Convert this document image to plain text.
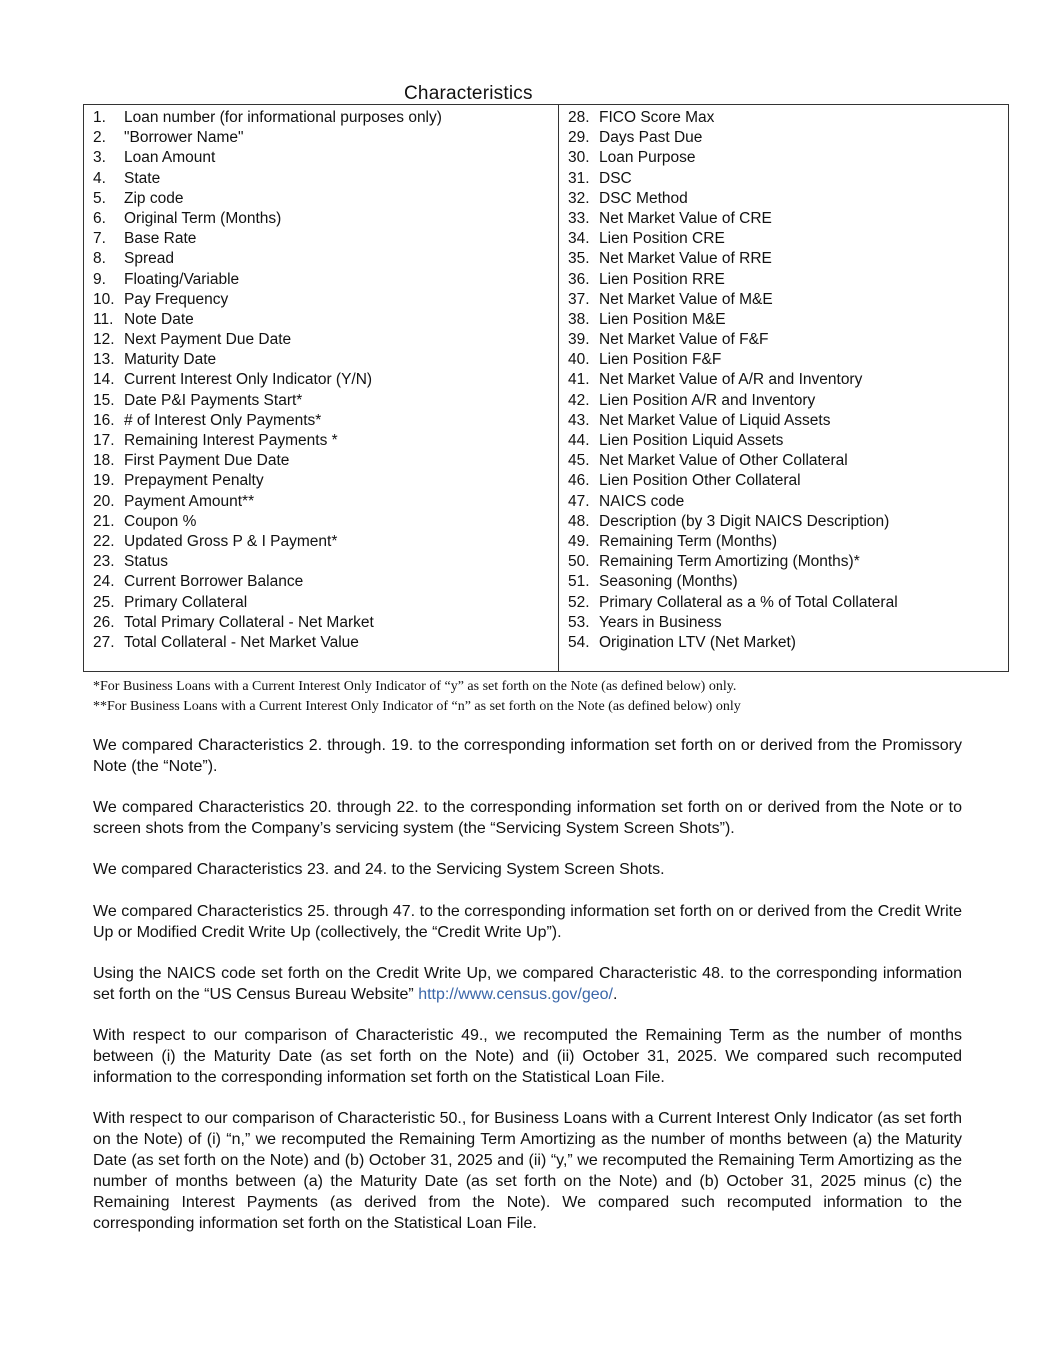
Characteristics
1. Loan number (for informational purposes only)
2. "Borrower Name"
3. Loan Amount
4. State
5. Zip code
6. Original Term (Months)
7. Base Rate
8. Spread
9. Floating/Variable
10. Pay Frequency
11. Note Date
12. Next Payment Due Date
13. Maturity Date
14. Current Interest Only Indicator (Y/N)
15. Date P&I Payments Start*
16. # of Interest Only Payments*
17. Remaining Interest Payments *
18. First Payment Due Date
19. Prepayment Penalty
20. Payment Amount**
21. Coupon %
22. Updated Gross P & I Payment*
23. Status
24. Current Borrower Balance
25. Primary Collateral
26. Total Primary Collateral - Net Market
27. Total Collateral - Net Market Value
28. FICO Score Max
29. Days Past Due
30. Loan Purpose
31. DSC
32. DSC Method
33. Net Market Value of CRE
34. Lien Position CRE
35. Net Market Value of RRE
36. Lien Position RRE
37. Net Market Value of M&E
38. Lien Position M&E
39. Net Market Value of F&F
40. Lien Position F&F
41. Net Market Value of A/R and Inventory
42. Lien Position A/R and Inventory
43. Net Market Value of Liquid Assets
44. Lien Position Liquid Assets
45. Net Market Value of Other Collateral
46. Lien Position Other Collateral
47. NAICS code
48. Description (by 3 Digit NAICS Description)
49. Remaining Term (Months)
50. Remaining Term Amortizing (Months)*
51. Seasoning (Months)
52. Primary Collateral as a % of Total Collateral
53. Years in Business
54. Origination LTV (Net Market)
*For Business Loans with a Current Interest Only Indicator of “y” as set forth on the Note (as defined below) only.
**For Business Loans with a Current Interest Only Indicator of “n” as set forth on the Note (as defined below) only

We compared Characteristics 2. through. 19. to the corresponding information set forth on or derived from the Promissory Note (the “Note”).

We compared Characteristics 20. through 22. to the corresponding information set forth on or derived from the Note or to screen shots from the Company’s servicing system (the “Servicing System Screen Shots”).

We compared Characteristics 23. and 24. to the Servicing System Screen Shots.

We compared Characteristics 25. through 47. to the corresponding information set forth on or derived from the Credit Write Up or Modified Credit Write Up (collectively, the “Credit Write Up”).

Using the NAICS code set forth on the Credit Write Up, we compared Characteristic 48. to the corresponding information set forth on the “US Census Bureau Website” http://www.census.gov/geo/.

With respect to our comparison of Characteristic 49., we recomputed the Remaining Term as the number of months between (i) the Maturity Date (as set forth on the Note) and (ii) October 31, 2025. We compared such recomputed information to the corresponding information set forth on the Statistical Loan File.

With respect to our comparison of Characteristic 50., for Business Loans with a Current Interest Only Indicator (as set forth on the Note) of (i) “n,” we recomputed the Remaining Term Amortizing as the number of months between (a) the Maturity Date (as set forth on the Note) and (b) October 31, 2025 and (ii) “y,” we recomputed the Remaining Term Amortizing as the number of months between (a) the Maturity Date (as set forth on the Note) and (b) October 31, 2025 minus (c) the Remaining Interest Payments (as derived from the Note). We compared such recomputed information to the corresponding information set forth on the Statistical Loan File.
